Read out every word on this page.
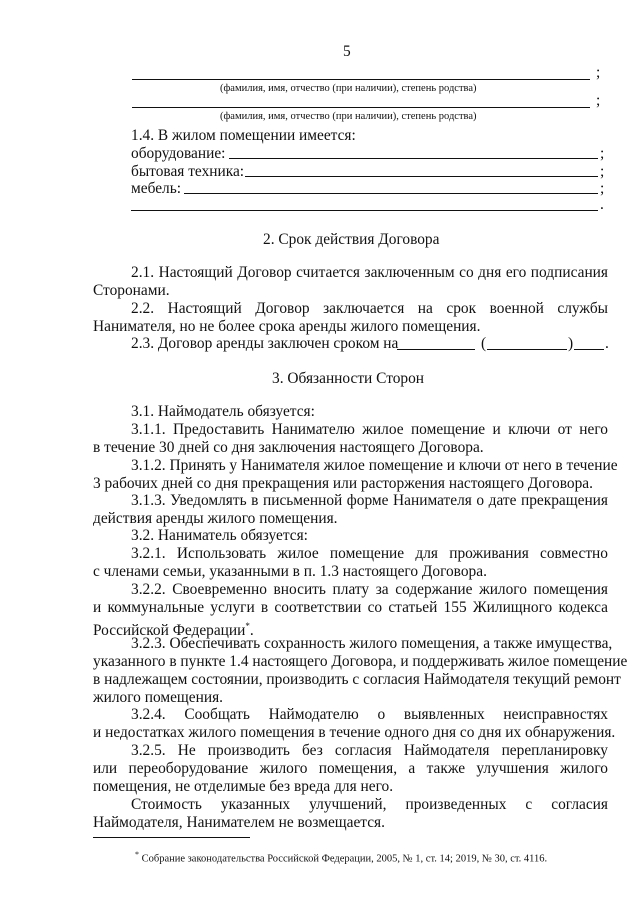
5
;
(фамилия, имя, отчество (при наличии), степень родства)
;
(фамилия, имя, отчество (при наличии), степень родства)
1.4. В жилом помещении имеется:
оборудование:	;
бытовая техника:	;
мебель:	;
.
2. Срок действия Договора
2.1. Настоящий Договор считается заключенным со дня его подписания
Сторонами.
2.2. Настоящий Договор заключается на срок военной службы
Нанимателя, но не более срока аренды жилого помещения.
2.3. Договор аренды заключен сроком на	(	) .
3. Обязанности Сторон
3.1. Наймодатель обязуется:
3.1.1. Предоставить Нанимателю жилое помещение и ключи от него
в течение 30 дней со дня заключения настоящего Договора.
3.1.2. Принять у Нанимателя жилое помещение и ключи от него в течение
3 рабочих дней со дня прекращения или расторжения настоящего Договора.
3.1.3. Уведомлять в письменной форме Нанимателя о дате прекращения
действия аренды жилого помещения.
3.2. Наниматель обязуется:
3.2.1. Использовать жилое помещение для проживания совместно
с членами семьи, указанными в п. 1.3 настоящего Договора.
3.2.2. Своевременно вносить плату за содержание жилого помещения
и коммунальные услуги в соответствии со статьей 155 Жилищного кодекса
Российской Федерации*.
3.2.3. Обеспечивать сохранность жилого помещения, а также имущества,
указанного в пункте 1.4 настоящего Договора, и поддерживать жилое помещение
в надлежащем состоянии, производить с согласия Наймодателя текущий ремонт
жилого помещения.
3.2.4. Сообщать Наймодателю о выявленных неисправностях
и недостатках жилого помещения в течение одного дня со дня их обнаружения.
3.2.5. Не производить без согласия Наймодателя перепланировку
или переоборудование жилого помещения, а также улучшения жилого
помещения, не отделимые без вреда для него.
Стоимость указанных улучшений, произведенных с согласия
Наймодателя, Нанимателем не возмещается.
* Собрание законодательства Российской Федерации, 2005, № 1, ст. 14; 2019, № 30, ст. 4116.
